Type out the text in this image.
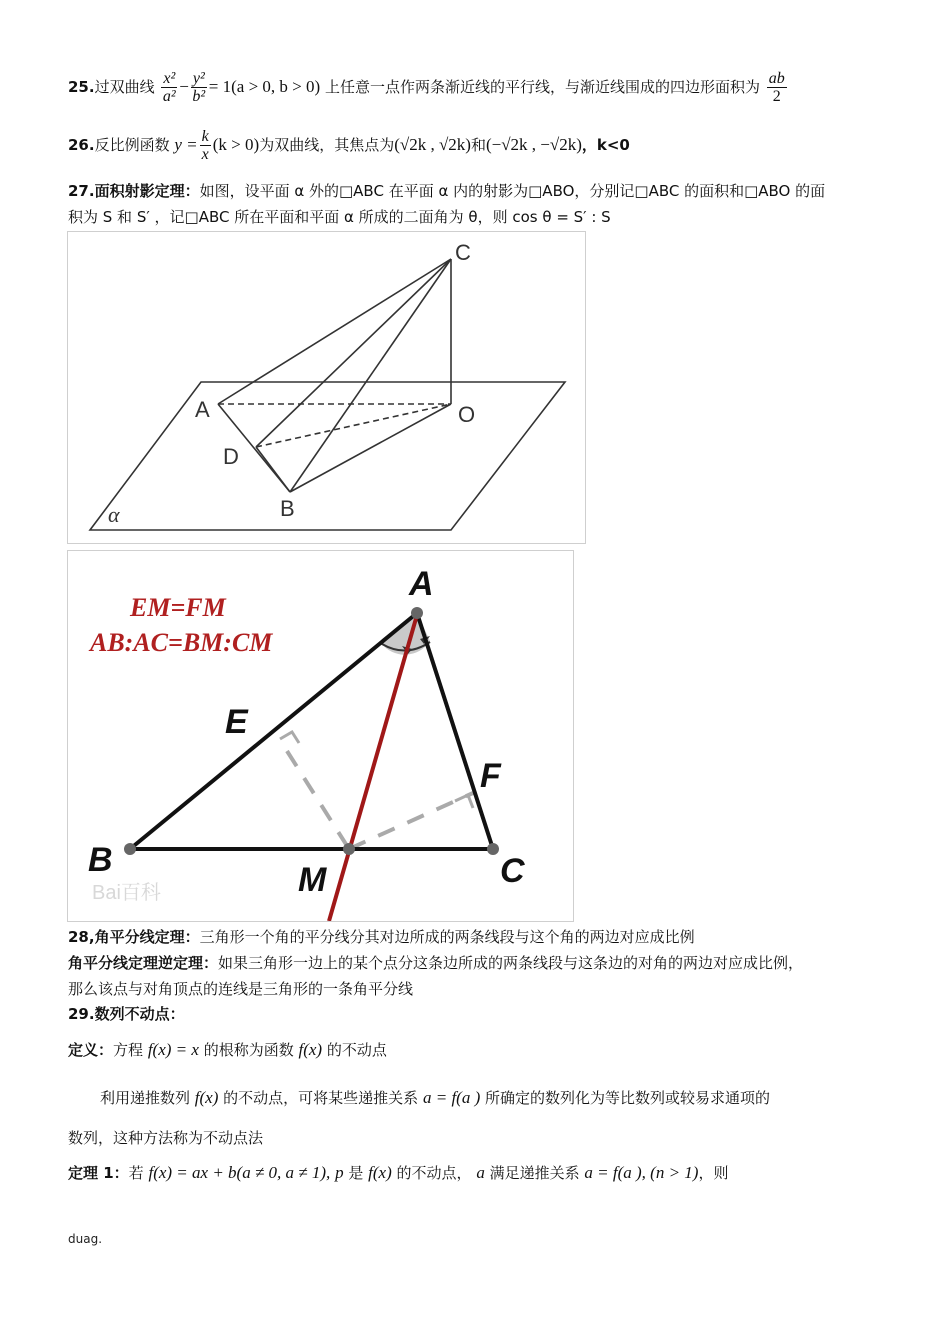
25.过双曲线 $\frac{\text{x²}}{\text{a²}} - \frac{\text{y²}}{\text{b²}} = 1(a > 0$, b > 0) 上任意一点作两条渐近线的平行线，与渐近线围成的四边形面积为 $\frac{ab}{2}$
26.反比例函数 $y = \frac{k}{x} (k > 0)$为双曲线，其焦点为(√2k , √2k)和(−√2k , −√2k)，k<0
27.面积射影定理：如图，设平面 α 外的□ABC 在平面 α 内的射影为□ABO，分别记□ABC 的面积和□ABO 的面
积为 S 和 S′ ，记□ABC 所在平面和平面 α 所成的二面角为 θ，则 cos θ = S′ : S
C
A	O
D
B
α
EM=FM
AB:AC=BM:CM
A
B	C
E
F
M
Bai百科
28,角平分线定理：三角形一个角的平分线分其对边所成的两条线段与这个角的两边对应成比例
角平分线定理逆定理：如果三角形一边上的某个点分这条边所成的两条线段与这条边的对角的两边对应成比例，
那么该点与对角顶点的连线是三角形的一条角平分线
29.数列不动点：
定义：方程 f(x) = x 的根称为函数 f(x) 的不动点
利用递推数列 f(x) 的不动点，可将某些递推关系 a = f(a ) 所确定的数列化为等比数列或较易求通项的
数列，这种方法称为不动点法
定理 1：若 f(x) = ax + b(a ≠ 0, a ≠ 1), p 是 f(x) 的不动点， a 满足递推关系 a = f(a ), (n > 1)，则
duag.
